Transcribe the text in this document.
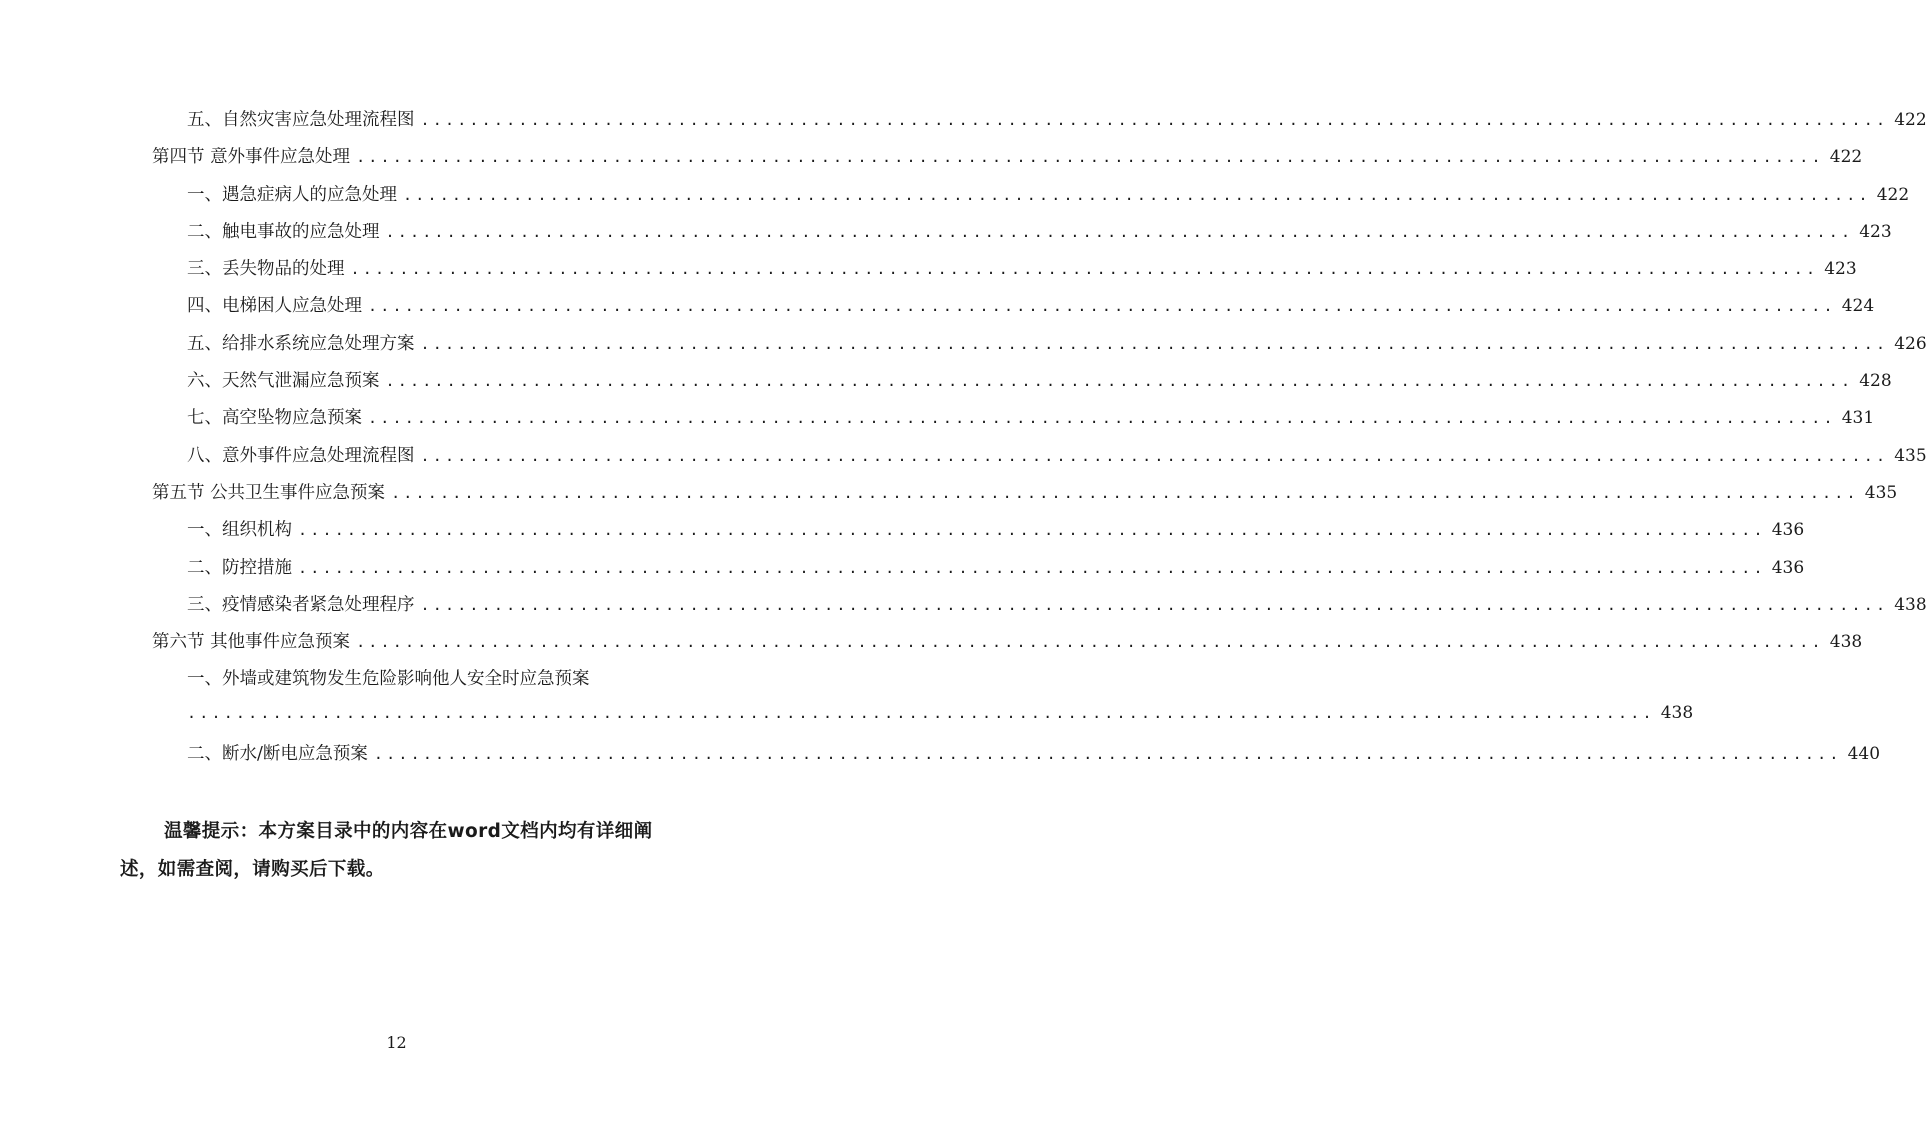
五、自然灾害应急处理流程图 ........................................................................................................................ 422
第四节 意外事件应急处理 ........................................................................................................................ 422
一、遇急症病人的应急处理 ........................................................................................................................ 422
二、触电事故的应急处理 ........................................................................................................................ 423
三、丢失物品的处理 ........................................................................................................................ 423
四、电梯困人应急处理 ........................................................................................................................ 424
五、给排水系统应急处理方案 ........................................................................................................................ 426
六、天然气泄漏应急预案 ........................................................................................................................ 428
七、高空坠物应急预案 ........................................................................................................................ 431
八、意外事件应急处理流程图 ........................................................................................................................ 435
第五节 公共卫生事件应急预案 ........................................................................................................................ 435
一、组织机构 ........................................................................................................................ 436
二、防控措施 ........................................................................................................................ 436
三、疫情感染者紧急处理程序 ........................................................................................................................ 438
第六节 其他事件应急预案 ........................................................................................................................ 438
一、外墙或建筑物发生危险影响他人安全时应急预案
........................................................................................................................ 438
二、断水/断电应急预案 ........................................................................................................................ 440
温馨提示：本方案目录中的内容在word文档内均有详细阐述，如需查阅，请购买后下载。
12
